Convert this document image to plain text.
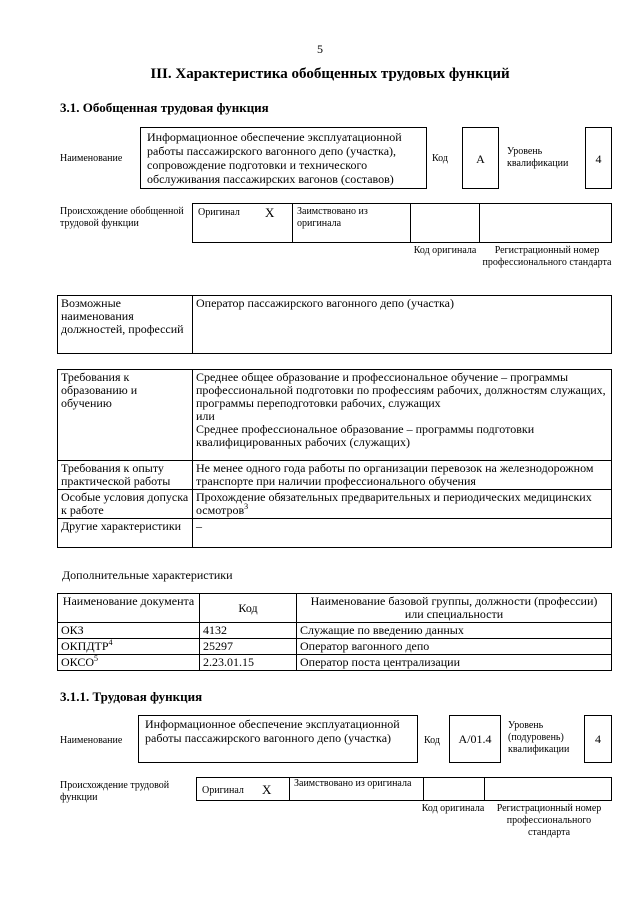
5
III. Характеристика обобщенных трудовых функций
3.1. Обобщенная трудовая функция
Наименование
Информационное обеспечение эксплуатационной работы пассажирского вагонного депо (участка), сопровождение подготовки и технического обслуживания пассажирских вагонов (составов)
Код	A
Уровень квалификации	4
Происхождение обобщенной трудовой функции
Оригинал X Заимствовано из оригинала
Код оригинала	Регистрационный номер профессионального стандарта
Возможные наименования должностей, профессий	Оператор пассажирского вагонного депо (участка)
Требования к образованию и обучению	Среднее общее образование и профессиональное обучение – программы профессиональной подготовки по профессиям рабочих, должностям служащих, программы переподготовки рабочих, служащих
или
Среднее профессиональное образование – программы подготовки квалифицированных рабочих (служащих)
Требования к опыту практической работы	Не менее одного года работы по организации перевозок на железнодорожном транспорте при наличии профессионального обучения
Особые условия допуска к работе	Прохождение обязательных предварительных и периодических медицинских осмотров$^3$
Другие характеристики	–
Дополнительные характеристики
Наименование документа	Код	Наименование базовой группы, должности (профессии) или специальности
ОКЗ	4132	Служащие по введению данных
ОКПДТР$^4$	25297	Оператор вагонного депо
ОКСО$^5$	2.23.01.15	Оператор поста централизации
3.1.1. Трудовая функция
Наименование
Информационное обеспечение эксплуатационной работы пассажирского вагонного депо (участка)	Код	A/01.4
Уровень (подуровень) квалификации
4
Происхождение трудовой функции
Оригинал X Заимствовано из оригинала
Код оригинала	Регистрационный номер профессионального стандарта
